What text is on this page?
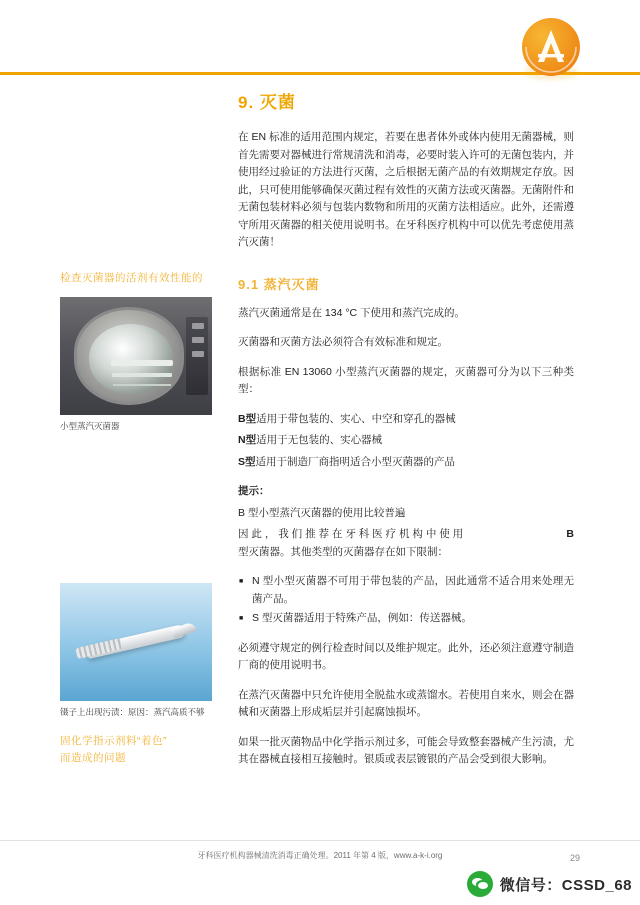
检查灭菌器的活剂有效性能的
小型蒸汽灭菌器
镊子上出现污渍：原因：蒸汽高质不够
固化学指示剂料“着色”
而造成的问题
9. 灭菌

在 EN 标准的适用范围内规定，若要在患者体外或体内使用无菌器械，则首先需要对器械进行常规清洗和消毒，必要时装入许可的无菌包装内，并使用经过验证的方法进行灭菌，之后根据无菌产品的有效期规定存放。因此，只可使用能够确保灭菌过程有效性的灭菌方法或灭菌器。无菌附件和无菌包装材料必须与包装内数物和所用的灭菌方法相适应。此外，还需遵守所用灭菌器的相关使用说明书。在牙科医疗机构中可以优先考虑使用蒸汽灭菌！

9.1 蒸汽灭菌

蒸汽灭菌通常是在 134 °C 下使用和蒸汽完成的。

灭菌器和灭菌方法必须符合有效标准和规定。

根据标准 EN 13060 小型蒸汽灭菌器的规定，灭菌器可分为以下三种类型：

B型适用于带包装的、实心、中空和穿孔的器械

N型适用于无包装的、实心器械

S型适用于制造厂商指明适合小型灭菌器的产品

提示：

B 型小型蒸汽灭菌器的使用比较普遍

因 此 ， 我 们 推 荐 在 牙 科 医 疗 机 构 中 使 用	B

型灭菌器。其他类型的灭菌器存在如下限制：

■ N 型小型灭菌器不可用于带包装的产品，因此通常不适合用来处理无菌产品。
■ S 型灭菌器适用于特殊产品，例如：传送器械。

必须遵守规定的例行检查时间以及维护规定。此外，还必须注意遵守制造厂商的使用说明书。

在蒸汽灭菌器中只允许使用全脱盐水或蒸馏水。若使用自来水，则会在器械和灭菌器上形成垢层并引起腐蚀损坏。

如果一批灭菌物品中化学指示剂过多，可能会导致整套器械产生污渍，尤其在器械直接相互接触时。银质或表层镀银的产品会受到很大影响。

牙科医疗机构器械清洗消毒正确处理。2011 年第 4 版，www.a-k-i.org	29
微信号：CSSD_68
